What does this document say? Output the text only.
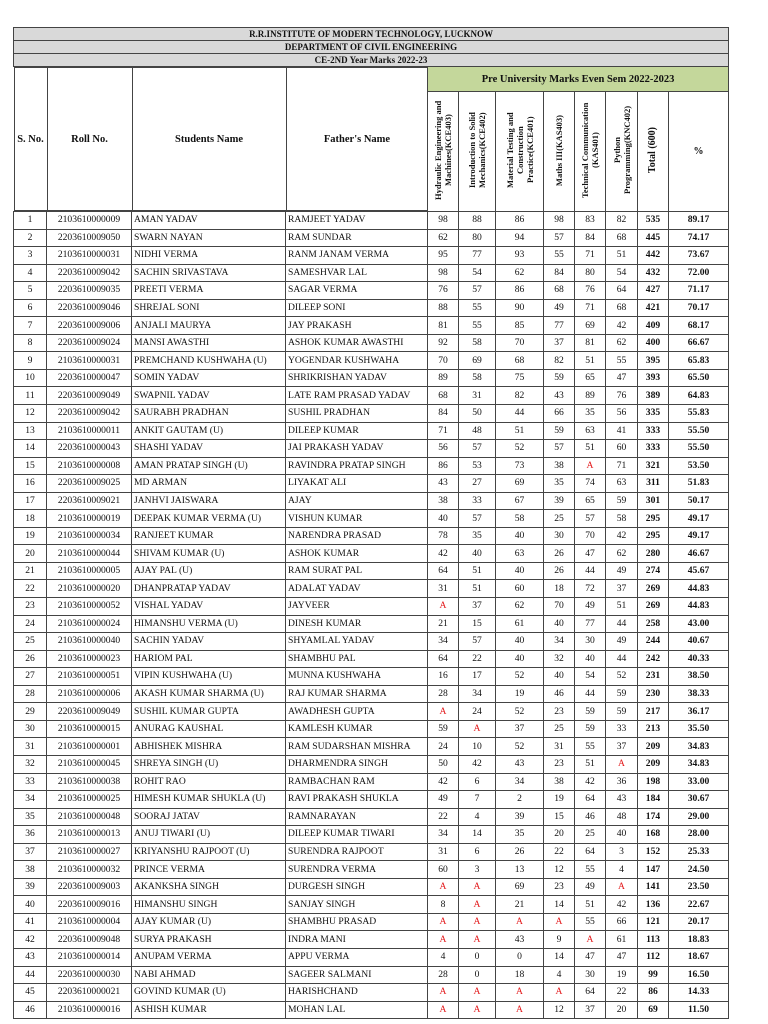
R.R.INSTITUTE OF MODERN TECHNOLOGY, LUCKNOW
DEPARTMENT OF CIVIL ENGINEERING
CE-2ND Year Marks 2022-23

S. No.	Roll No.	Students Name	Father's Name
	Pre University Marks Even Sem 2022-2023
Hydraulic Engineering and Machines(KCE403)	Introduction to Solid Mechanics(KCE402)	Material Testing and Construction Practice(KCE401)	Maths III(KAS403)	Technical Communication (KAS401)	Python Programming(KNC402)	Total (600)	%
1	2103610000009	AMAN YADAV	RAMJEET YADAV	98	88	86	98	83	82	535	89.17
2	2203610009050	SWARN NAYAN	RAM SUNDAR	62	80	94	57	84	68	445	74.17
3	2103610000031	NIDHI VERMA	RANM JANAM VERMA	95	77	93	55	71	51	442	73.67
4	2203610009042	SACHIN SRIVASTAVA	SAMESHVAR LAL	98	54	62	84	80	54	432	72.00
5	2203610009035	PREETI VERMA	SAGAR VERMA	76	57	86	68	76	64	427	71.17
6	2203610009046	SHREJAL SONI	DILEEP SONI	88	55	90	49	71	68	421	70.17
7	2203610009006	ANJALI MAURYA	JAY PRAKASH	81	55	85	77	69	42	409	68.17
8	2203610009024	MANSI AWASTHI	ASHOK KUMAR AWASTHI	92	58	70	37	81	62	400	66.67
9	2103610000031	PREMCHAND KUSHWAHA (U)	YOGENDAR KUSHWAHA	70	69	68	82	51	55	395	65.83
10	2203610000047	SOMIN YADAV	SHRIKRISHAN YADAV	89	58	75	59	65	47	393	65.50
11	2203610009049	SWAPNIL YADAV	LATE RAM PRASAD YADAV	68	31	82	43	89	76	389	64.83
12	2203610009042	SAURABH PRADHAN	SUSHIL PRADHAN	84	50	44	66	35	56	335	55.83
13	2103610000011	ANKIT GAUTAM (U)	DILEEP KUMAR	71	48	51	59	63	41	333	55.50
14	2203610000043	SHASHI YADAV	JAI PRAKASH YADAV	56	57	52	57	51	60	333	55.50
15	2103610000008	AMAN PRATAP SINGH (U)	RAVINDRA PRATAP SINGH	86	53	73	38	A	71	321	53.50
16	2203610009025	MD ARMAN	LIYAKAT ALI	43	27	69	35	74	63	311	51.83
17	2203610009021	JANHVI JAISWARA	AJAY	38	33	67	39	65	59	301	50.17
18	2103610000019	DEEPAK KUMAR VERMA (U)	VISHUN KUMAR	40	57	58	25	57	58	295	49.17
19	2103610000034	RANJEET KUMAR	NARENDRA PRASAD	78	35	40	30	70	42	295	49.17
20	2103610000044	SHIVAM KUMAR (U)	ASHOK KUMAR	42	40	63	26	47	62	280	46.67
21	2103610000005	AJAY PAL (U)	RAM SURAT PAL	64	51	40	26	44	49	274	45.67
22	2103610000020	DHANPRATAP YADAV	ADALAT YADAV	31	51	60	18	72	37	269	44.83
23	2103610000052	VISHAL YADAV	JAYVEER	A	37	62	70	49	51	269	44.83
24	2103610000024	HIMANSHU VERMA (U)	DINESH KUMAR	21	15	61	40	77	44	258	43.00
25	2103610000040	SACHIN YADAV	SHYAMLAL YADAV	34	57	40	34	30	49	244	40.67
26	2103610000023	HARIOM PAL	SHAMBHU PAL	64	22	40	32	40	44	242	40.33
27	2103610000051	VIPIN KUSHWAHA (U)	MUNNA KUSHWAHA	16	17	52	40	54	52	231	38.50
28	2103610000006	AKASH KUMAR SHARMA (U)	RAJ KUMAR SHARMA	28	34	19	46	44	59	230	38.33
29	2203610009049	SUSHIL KUMAR GUPTA	AWADHESH GUPTA	A	24	52	23	59	59	217	36.17
30	2103610000015	ANURAG KAUSHAL	KAMLESH KUMAR	59	A	37	25	59	33	213	35.50
31	2103610000001	ABHISHEK MISHRA	RAM SUDARSHAN MISHRA	24	10	52	31	55	37	209	34.83
32	2103610000045	SHREYA SINGH (U)	DHARMENDRA SINGH	50	42	43	23	51	A	209	34.83
33	2103610000038	ROHIT RAO	RAMBACHAN RAM	42	6	34	38	42	36	198	33.00
34	2103610000025	HIMESH KUMAR SHUKLA (U)	RAVI PRAKASH SHUKLA	49	7	2	19	64	43	184	30.67
35	2103610000048	SOORAJ JATAV	RAMNARAYAN	22	4	39	15	46	48	174	29.00
36	2103610000013	ANUJ TIWARI (U)	DILEEP KUMAR TIWARI	34	14	35	20	25	40	168	28.00
37	2103610000027	KRIYANSHU RAJPOOT (U)	SURENDRA RAJPOOT	31	6	26	22	64	3	152	25.33
38	2103610000032	PRINCE VERMA	SURENDRA VERMA	60	3	13	12	55	4	147	24.50
39	2203610009003	AKANKSHA SINGH	DURGESH SINGH	A	A	69	23	49	A	141	23.50
40	2203610009016	HIMANSHU SINGH	SANJAY SINGH	8	A	21	14	51	42	136	22.67
41	2103610000004	AJAY KUMAR (U)	SHAMBHU PRASAD	A	A	A	A	55	66	121	20.17
42	2203610009048	SURYA PRAKASH	INDRA MANI	A	A	43	9	A	61	113	18.83
43	2103610000014	ANUPAM VERMA	APPU VERMA	4	0	0	14	47	47	112	18.67
44	2203610000030	NABI AHMAD	SAGEER SALMANI	28	0	18	4	30	19	99	16.50
45	2203610000021	GOVIND KUMAR (U)	HARISHCHAND	A	A	A	A	64	22	86	14.33
46	2103610000016	ASHISH KUMAR	MOHAN LAL	A	A	A	12	37	20	69	11.50
